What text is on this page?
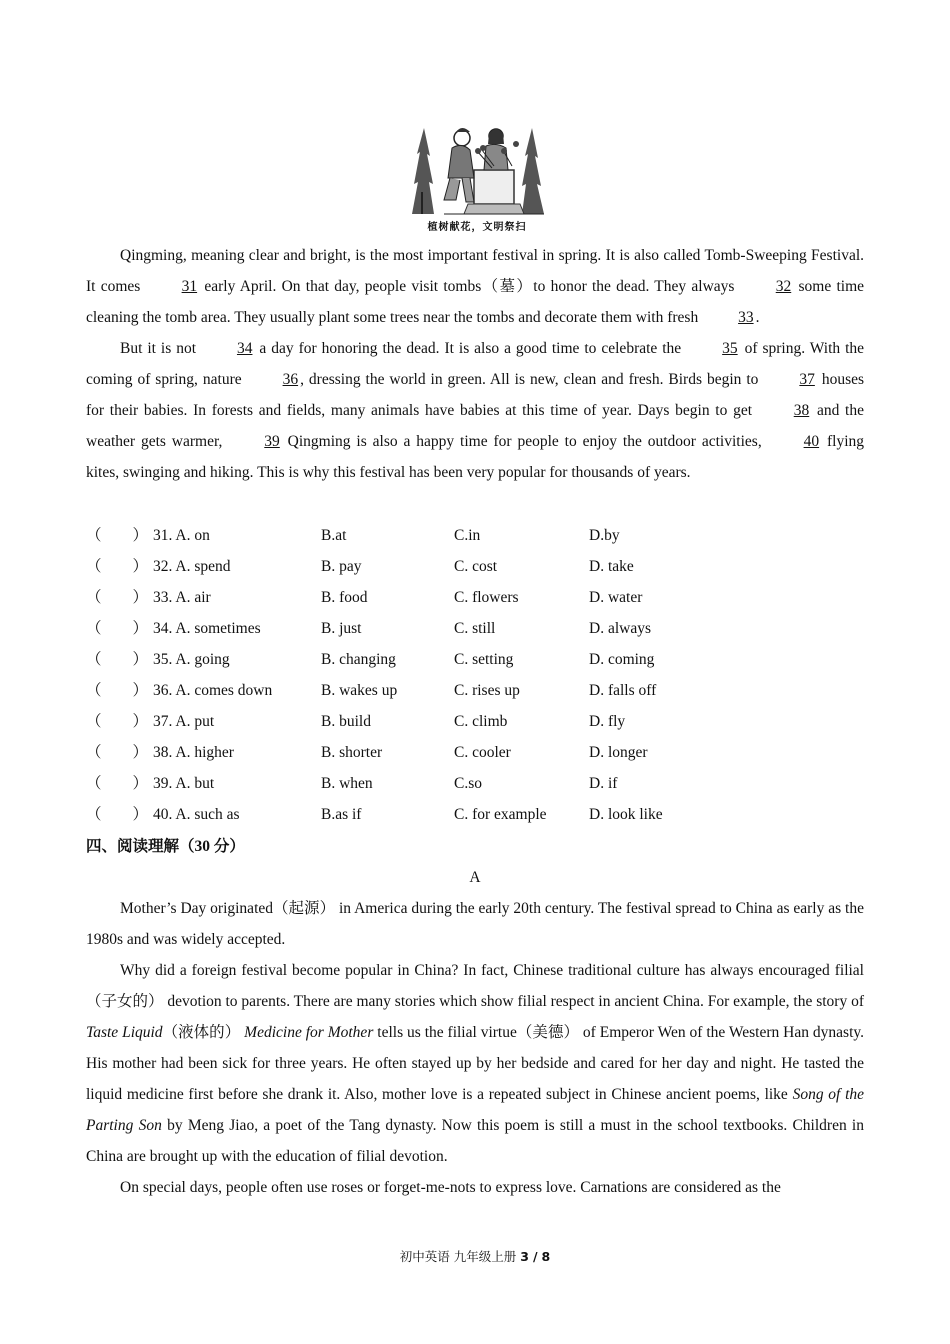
植树献花，文明祭扫

Qingming, meaning clear and bright, is the most important festival in spring. It is also called Tomb-Sweeping Festival. It comes	31 early April. On that day, people visit tombs（墓）to honor the dead. They always	32 some time cleaning the tomb area. They usually plant some trees near the tombs and decorate them with fresh	33 .

But it is not	34 a day for honoring the dead. It is also a good time to celebrate the	35 of spring. With the coming of spring, nature	36 , dressing the world in green. All is new, clean and fresh. Birds begin to	37 houses for their babies. In forests and fields, many animals have babies at this time of year. Days begin to get	38 and the weather gets warmer,	39 Qingming is also a happy time for people to enjoy the outdoor activities,	40 flying kites, swinging and hiking. This is why this festival has been very popular for thousands of years.

（　　） 31. A. on	B.at	C.in	D.by
（　　） 32. A. spend	B. pay	C. cost	D. take
（　　） 33. A. air	B. food	C. flowers	D. water
（　　） 34. A. sometimes	B. just	C. still	D. always
（　　） 35. A. going	B. changing	C. setting	D. coming
（　　） 36. A. comes down	B. wakes up	C. rises up	D. falls off
（　　） 37. A. put	B. build	C. climb	D. fly
（　　） 38. A. higher	B. shorter	C. cooler	D. longer
（　　） 39. A. but	B. when	C.so	D. if
（　　） 40. A. such as	B.as if	C. for example	D. look like
四、阅读理解（30 分）
A

Mother’s Day originated（起源） in America during the early 20th century. The festival spread to China as early as the 1980s and was widely accepted.

Why did a foreign festival become popular in China? In fact, Chinese traditional culture has always encouraged filial（子女的） devotion to parents. There are many stories which show filial respect in ancient China. For example, the story of Taste Liquid（液体的） Medicine for Mother tells us the filial virtue（美德） of Emperor Wen of the Western Han dynasty. His mother had been sick for three years. He often stayed up by her bedside and cared for her day and night. He tasted the liquid medicine first before she drank it. Also, mother love is a repeated subject in Chinese ancient poems, like Song of the Parting Son by Meng Jiao, a poet of the Tang dynasty. Now this poem is still a must in the school textbooks. Children in China are brought up with the education of filial devotion.

On special days, people often use roses or forget-me-nots to express love. Carnations are considered as the

初中英语 九年级上册 3 / 8
